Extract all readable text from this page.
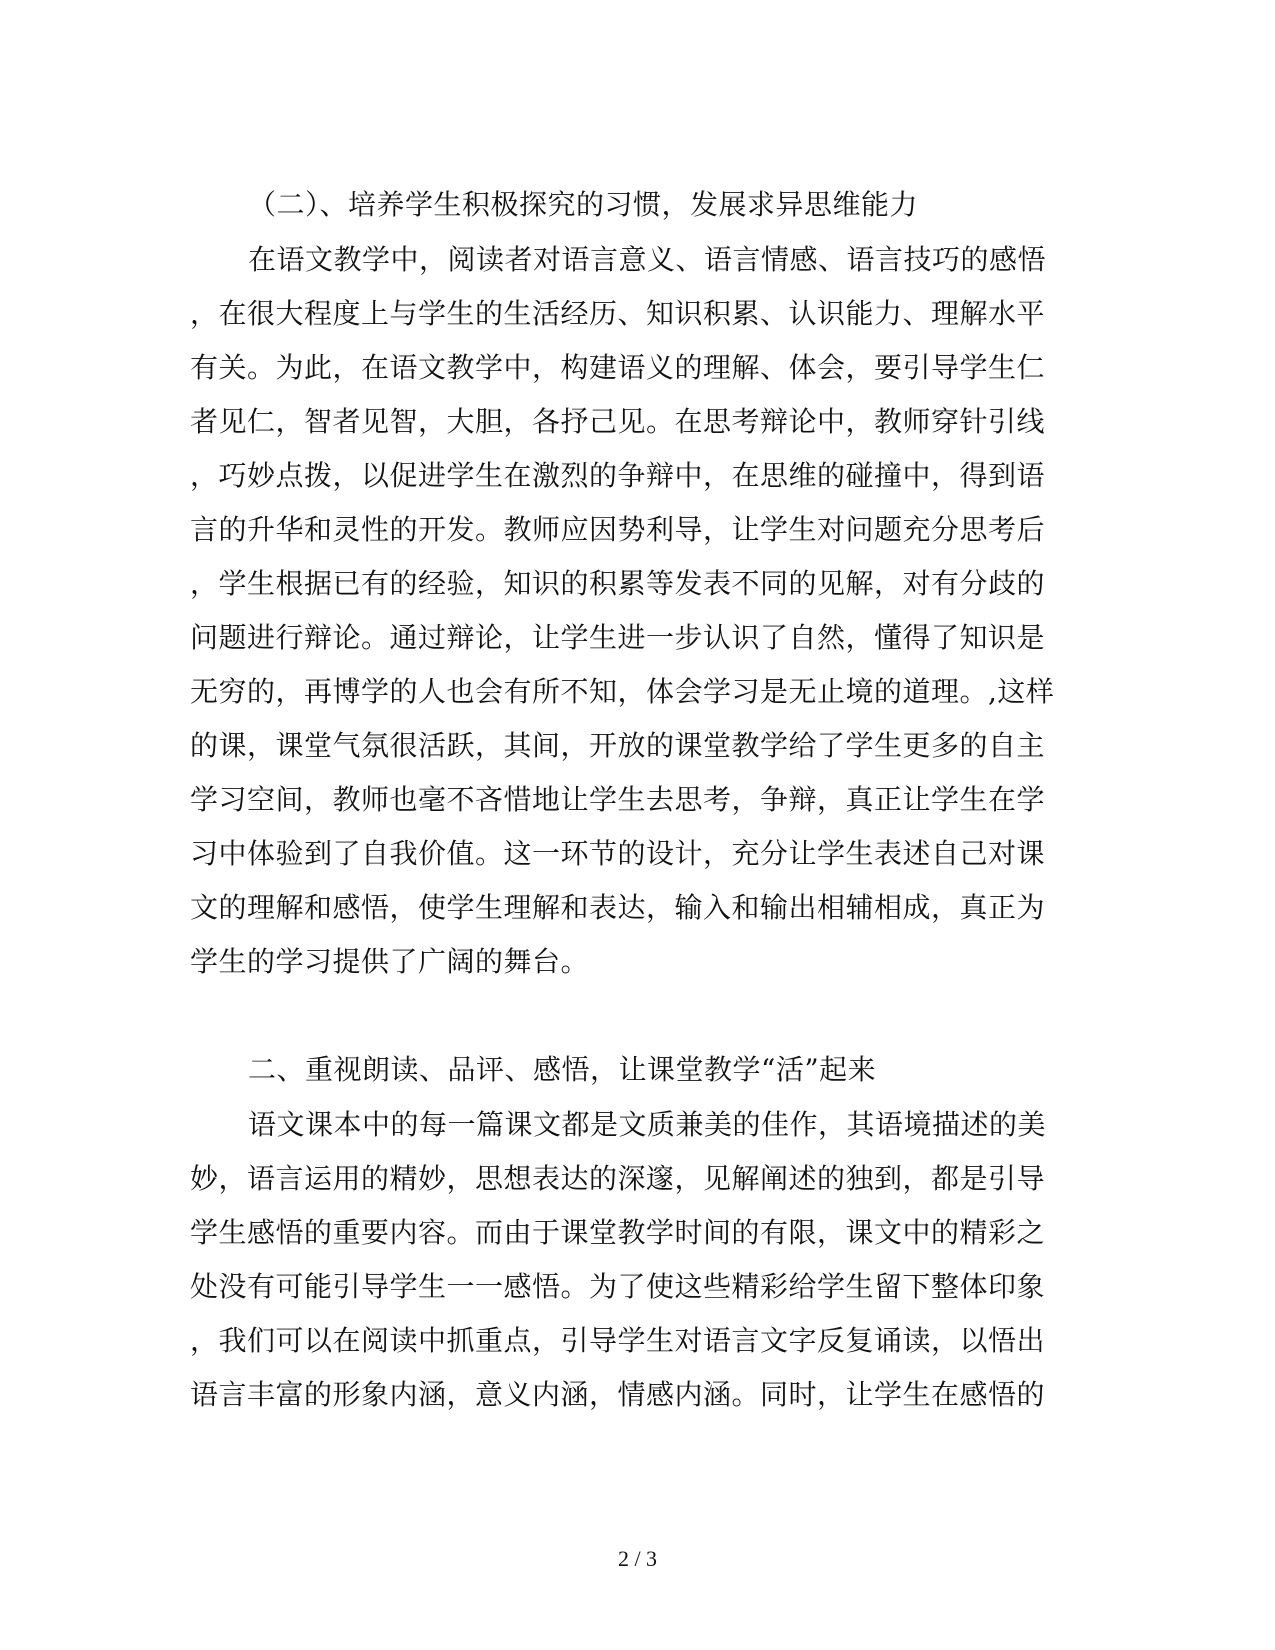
（二）、培养学生积极探究的习惯，发展求异思维能力
在语文教学中，阅读者对语言意义、语言情感、语言技巧的感悟
，在很大程度上与学生的生活经历、知识积累、认识能力、理解水平
有关。为此，在语文教学中，构建语义的理解、体会，要引导学生仁
者见仁，智者见智，大胆，各抒己见。在思考辩论中，教师穿针引线
，巧妙点拨，以促进学生在激烈的争辩中，在思维的碰撞中，得到语
言的升华和灵性的开发。教师应因势利导，让学生对问题充分思考后
，学生根据已有的经验，知识的积累等发表不同的见解，对有分歧的
问题进行辩论。通过辩论，让学生进一步认识了自然，懂得了知识是
无穷的，再博学的人也会有所不知，体会学习是无止境的道理。,这样
的课，课堂气氛很活跃，其间，开放的课堂教学给了学生更多的自主
学习空间，教师也毫不吝惜地让学生去思考，争辩，真正让学生在学
习中体验到了自我价值。这一环节的设计，充分让学生表述自己对课
文的理解和感悟，使学生理解和表达，输入和输出相辅相成，真正为
学生的学习提供了广阔的舞台。
二、重视朗读、品评、感悟，让课堂教学“活”起来
语文课本中的每一篇课文都是文质兼美的佳作，其语境描述的美
妙，语言运用的精妙，思想表达的深邃，见解阐述的独到，都是引导
学生感悟的重要内容。而由于课堂教学时间的有限，课文中的精彩之
处没有可能引导学生一一感悟。为了使这些精彩给学生留下整体印象
，我们可以在阅读中抓重点，引导学生对语言文字反复诵读，以悟出
语言丰富的形象内涵，意义内涵，情感内涵。同时，让学生在感悟的
2 / 3
